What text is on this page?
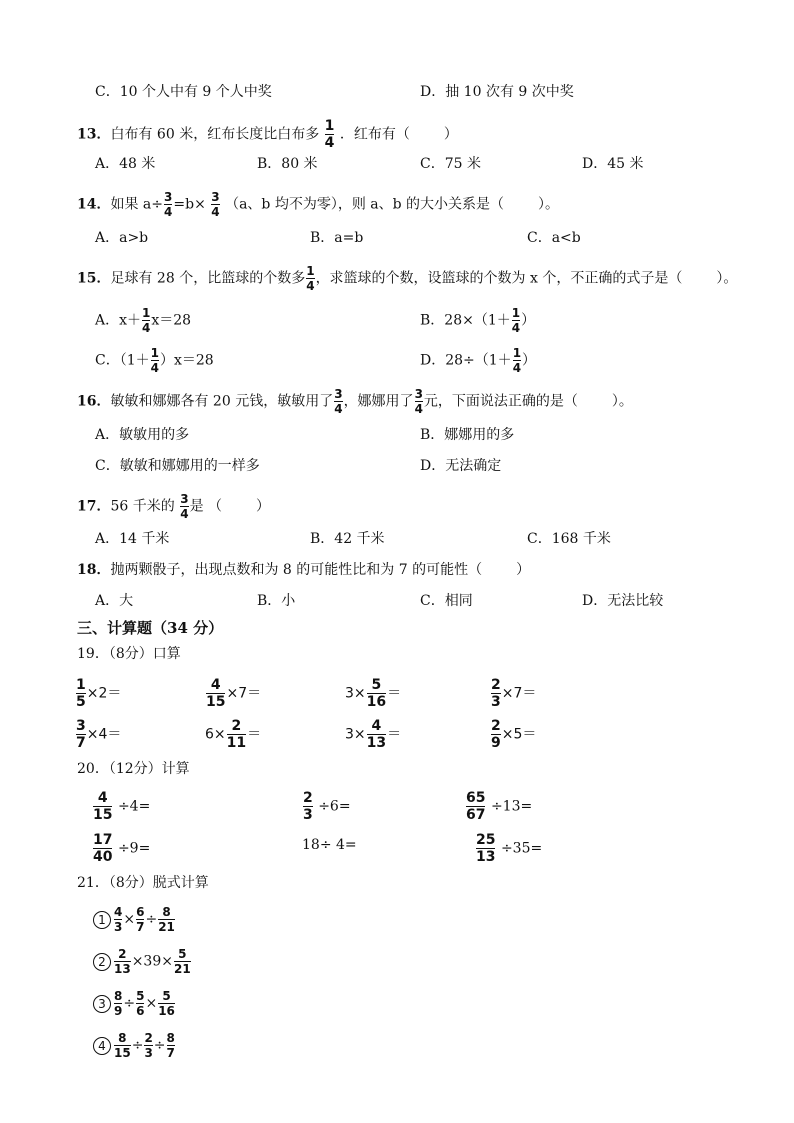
C．10 个人中有 9 个人中奖	D．抽 10 次有 9 次中奖
13．白布有 60 米，红布长度比白布多 $\frac{1}{4}$ ．红布有（ ）
A．48 米	B．80 米	C．75 米	D．45 米
14．如果 $a\div \frac{3}{4} =b\times \frac{3}{4} (a$、b 均不为零），则 a、b 的大小关系是（ ）。
A．a>b	B．a=b	C．a<b
15．足球有 28 个，比篮球的个数多 $\frac{1}{4}$ ，求篮球的个数，设篮球的个数为 x 个，不正确的式子是（ ）。
A．$x+ \frac{1}{4} x=28$	B．$28\times(1+ \frac{1}{4}$ ）
C．$(1+ \frac{1}{4} )x=28$	D．$28\div(1+ \frac{1}{4}$ ）
16．敏敏和娜娜各有 20 元钱，敏敏用了 $\frac{3}{4}$ ，娜娜用了 $\frac{3}{4}$ 元，下面说法正确的是（ ）。
A．敏敏用的多	B．娜娜用的多
C．敏敏和娜娜用的一样多	D．无法确定
17．56 千米的 $\frac{3}{4}$ 是 （ ）
A．14 千米	B．42 千米	C．168 千米
18．抛两颗骰子，出现点数和为 8 的可能性比和为 7 的可能性（ ）
A．大	B．小	C．相同	D．无法比较
三、计算题（34 分）
19．（8分）口算
$\frac{1}{5} \times 2=$	$\frac{4}{15} \times 7=$	$3\times \frac{5}{16}$ ＝	$\frac{2}{3} \times 7=$
$\frac{3}{7} \times 4=$	$6\times \frac{2}{11}$ ＝	$3\times \frac{4}{13}$ ＝	$\frac{2}{9} \times 5=$
20．（12分）计算
$\frac{4}{15} \div 4=$	$\frac{2}{3} \div 6=$	$\frac{65}{67} \div 13=$
$\frac{17}{40} \div 9=$	18÷ 4=	$\frac{25}{13} \div 35=$
21．（8分）脱式计算
$1 \frac{4}{3} \times \frac{6}{7} \div \frac{8}{21}$
$2 \frac{2}{13} \times 39\times \frac{5}{21}$
$3 \frac{8}{9} \div \frac{5}{6} \times \frac{5}{16}$
$4 \frac{8}{15} \div \frac{2}{3} \div \frac{8}{7}$
